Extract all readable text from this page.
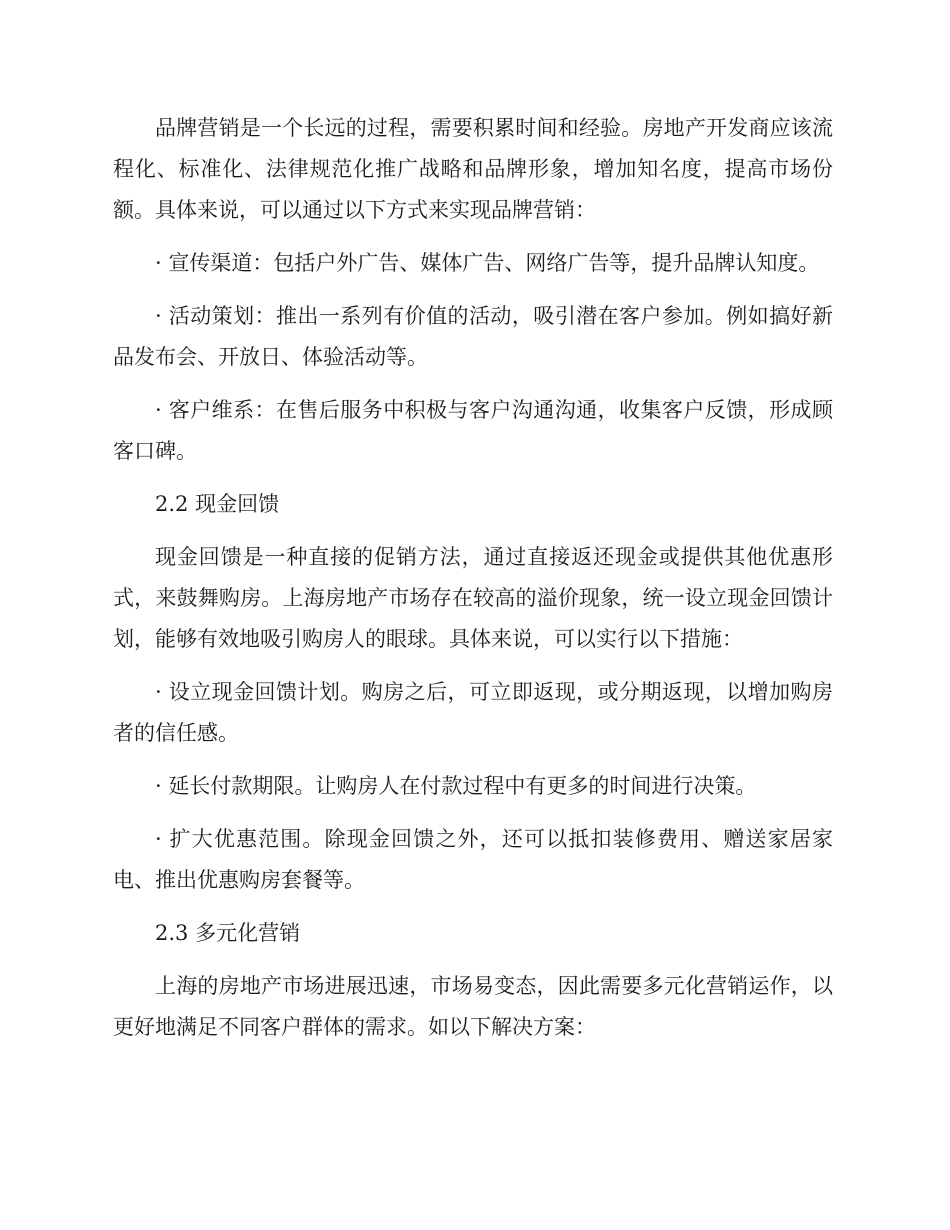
品牌营销是一个长远的过程，需要积累时间和经验。房地产开发商应该流程化、标准化、法律规范化推广战略和品牌形象，增加知名度，提高市场份额。具体来说，可以通过以下方式来实现品牌营销：

· 宣传渠道：包括户外广告、媒体广告、网络广告等，提升品牌认知度。

· 活动策划：推出一系列有价值的活动，吸引潜在客户参加。例如搞好新品发布会、开放日、体验活动等。

· 客户维系：在售后服务中积极与客户沟通沟通，收集客户反馈，形成顾客口碑。

2.2 现金回馈

现金回馈是一种直接的促销方法，通过直接返还现金或提供其他优惠形式，来鼓舞购房。上海房地产市场存在较高的溢价现象，统一设立现金回馈计划，能够有效地吸引购房人的眼球。具体来说，可以实行以下措施：

· 设立现金回馈计划。购房之后，可立即返现，或分期返现，以增加购房者的信任感。

· 延长付款期限。让购房人在付款过程中有更多的时间进行决策。

· 扩大优惠范围。除现金回馈之外，还可以抵扣装修费用、赠送家居家电、推出优惠购房套餐等。

2.3 多元化营销

上海的房地产市场进展迅速，市场易变态，因此需要多元化营销运作，以更好地满足不同客户群体的需求。如以下解决方案：
